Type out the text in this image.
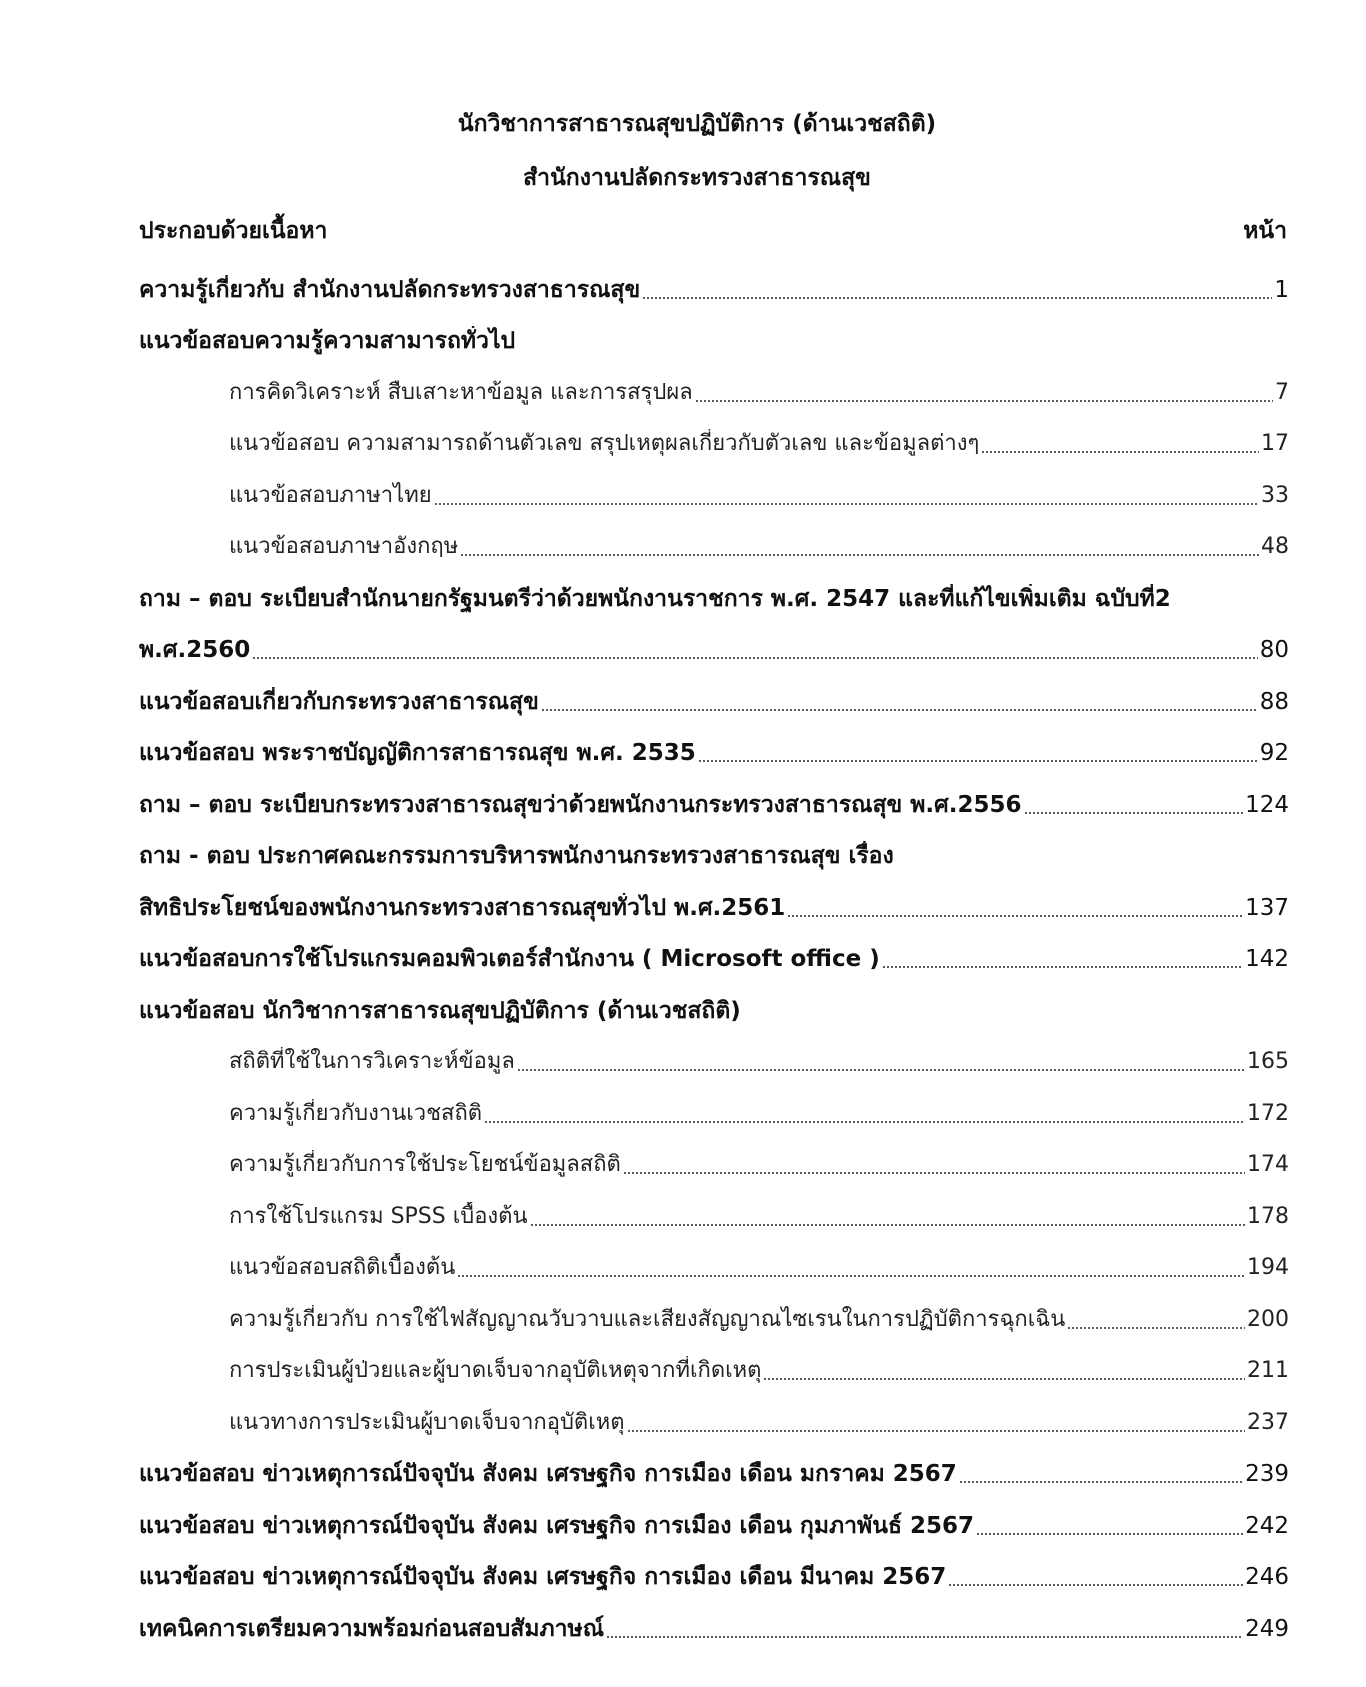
นักวิชาการสาธารณสุขปฏิบัติการ (ด้านเวชสถิติ)
สำนักงานปลัดกระทรวงสาธารณสุข
ประกอบด้วยเนื้อหา	หน้า
ความรู้เกี่ยวกับ สำนักงานปลัดกระทรวงสาธารณสุข	1
แนวข้อสอบความรู้ความสามารถทั่วไป
การคิดวิเคราะห์ สืบเสาะหาข้อมูล และการสรุปผล	7
แนวข้อสอบ ความสามารถด้านตัวเลข สรุปเหตุผลเกี่ยวกับตัวเลข และข้อมูลต่างๆ	17
แนวข้อสอบภาษาไทย	33
แนวข้อสอบภาษาอังกฤษ	48
ถาม – ตอบ ระเบียบสำนักนายกรัฐมนตรีว่าด้วยพนักงานราชการ พ.ศ. 2547 และที่แก้ไขเพิ่มเติม ฉบับที่2
พ.ศ.2560	80
แนวข้อสอบเกี่ยวกับกระทรวงสาธารณสุข	88
แนวข้อสอบ พระราชบัญญัติการสาธารณสุข พ.ศ. 2535	92
ถาม – ตอบ ระเบียบกระทรวงสาธารณสุขว่าด้วยพนักงานกระทรวงสาธารณสุข พ.ศ.2556	124
ถาม - ตอบ ประกาศคณะกรรมการบริหารพนักงานกระทรวงสาธารณสุข เรื่อง
สิทธิประโยชน์ของพนักงานกระทรวงสาธารณสุขทั่วไป พ.ศ.2561	137
แนวข้อสอบการใช้โปรแกรมคอมพิวเตอร์สำนักงาน ( Microsoft office )	142
แนวข้อสอบ นักวิชาการสาธารณสุขปฏิบัติการ (ด้านเวชสถิติ)
สถิติที่ใช้ในการวิเคราะห์ข้อมูล	165
ความรู้เกี่ยวกับงานเวชสถิติ	172
ความรู้เกี่ยวกับการใช้ประโยชน์ข้อมูลสถิติ	174
การใช้โปรแกรม SPSS เบื้องต้น	178
แนวข้อสอบสถิติเบื้องต้น	194
ความรู้เกี่ยวกับ การใช้ไฟสัญญาณวับวาบและเสียงสัญญาณไซเรนในการปฏิบัติการฉุกเฉิน	200
การประเมินผู้ป่วยและผู้บาดเจ็บจากอุบัติเหตุจากที่เกิดเหตุ	211
แนวทางการประเมินผู้บาดเจ็บจากอุบัติเหตุ	237
แนวข้อสอบ ข่าวเหตุการณ์ปัจจุบัน สังคม เศรษฐกิจ การเมือง เดือน มกราคม 2567	239
แนวข้อสอบ ข่าวเหตุการณ์ปัจจุบัน สังคม เศรษฐกิจ การเมือง เดือน กุมภาพันธ์ 2567	242
แนวข้อสอบ ข่าวเหตุการณ์ปัจจุบัน สังคม เศรษฐกิจ การเมือง เดือน มีนาคม 2567	246
เทคนิคการเตรียมความพร้อมก่อนสอบสัมภาษณ์	249
